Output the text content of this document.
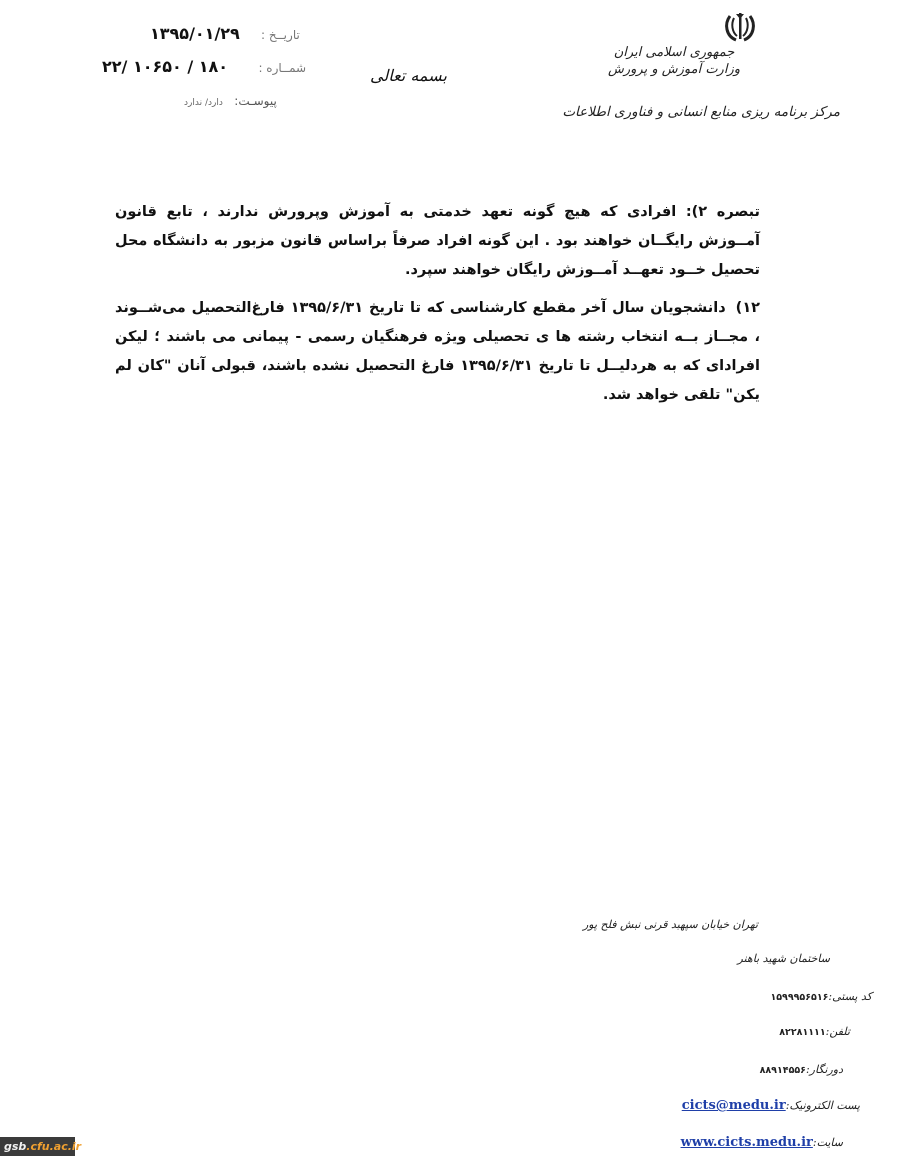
تاریــخ :
۱۳۹۵/۰۱/۲۹
شمــاره :
۱۸۰ / ۱۰۶۵۰ /۲۲
پیوسـت:
دارد/ ندارد
بسمه تعالی
جمهوری اسلامی ایران
وزارت آموزش و پرورش
مرکز برنامه ریزی منابع انسانی و فناوری اطلاعات
تبصره ۲): افرادی که هیچ گونه تعهد خدمتی به آموزش وپرورش ندارند ، تابع قانون آمــوزش رایگــان خواهند بود . این گونه افراد صرفاً براساس قانون مزبور به دانشگاه محل تحصیل خــود تعهــد آمــوزش رایگان خواهند سپرد.
۱۲)دانشجویان سال آخر مقطع کارشناسی که تا تاریخ ۱۳۹۵/۶/۳۱ فارغ‌التحصیل می‌شــوند ، مجــاز بــه انتخاب رشته ها ی تحصیلی ویژه فرهنگیان رسمی - پیمانی می باشند ؛ لیکن افرادای که به هردلیــل تا تاریخ ۱۳۹۵/۶/۳۱ فارغ التحصیل نشده باشند، قبولی آنان "کان لم یکن" تلقی خواهد شد.
تهران خیابان سپهبد قرنی نبش فلح پور
ساختمان شهید باهنر
کد پستی:۱۵۹۹۹۵۶۵۱۶
تلفن:۸۲۲۸۱۱۱۱
دورنگار:۸۸۹۱۴۵۵۶
پست الکترونیک:cicts@medu.ir
سایت:www.cicts.medu.ir
gsb.cfu.ac.ir
